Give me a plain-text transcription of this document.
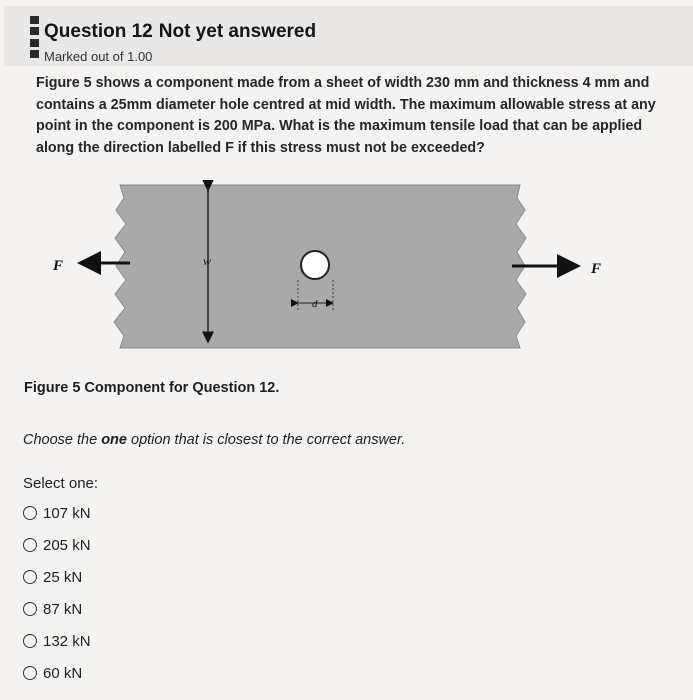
Question 12 Not yet answered
Marked out of 1.00
Figure 5 shows a component made from a sheet of width 230 mm and thickness 4 mm and contains a 25mm diameter hole centred at mid width. The maximum allowable stress at any point in the component is 200 MPa. What is the maximum tensile load that can be applied along the direction labelled F if this stress must not be exceeded?
w
d
F	F
Figure 5 Component for Question 12.
Choose the one option that is closest to the correct answer.
Select one:
107 kN
205 kN
25 kN
87 kN
132 kN
60 kN
